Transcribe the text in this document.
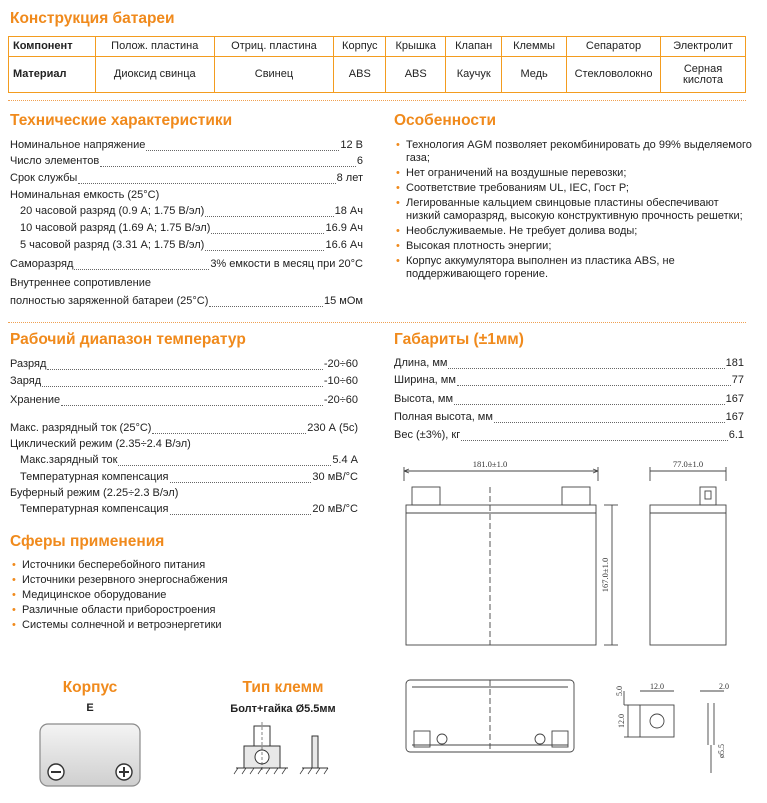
Конструкция батареи
Компонент	Полож. пластина	Отриц. пластина	Корпус	Крышка	Клапан	Клеммы	Сепаратор	Электролит
Материал	Диоксид свинца	Свинец	ABS	ABS	Каучук	Медь	Стекловолокно	Серная кислота
Технические характеристики
Номинальное напряжение	12 В
Число элементов	6
Срок службы	8 лет
Номинальная емкость (25°С)
20 часовой разряд (0.9 А; 1.75 В/эл)	18 Ач
10 часовой разряд (1.69 А; 1.75 В/эл)	16.9 Ач
5 часовой разряд (3.31 А; 1.75 В/эл)	16.6 Ач
Саморазряд	3% емкости в месяц при 20°С
Внутреннее сопротивление
полностью заряженной батареи (25°С)	15 мОм
Особенности
• Технология AGM позволяет рекомбинировать до 99% выделяемого газа;
• Нет ограничений на воздушные перевозки;
• Соответствие требованиям UL, IEC, Гост Р;
• Легированные кальцием свинцовые пластины обеспечивают низкий саморазряд, высокую конструктивную прочность решетки;
• Необслуживаемые. Не требует долива воды;
• Высокая плотность энергии;
• Корпус аккумулятора выполнен из пластика ABS, не поддерживающего горение.
Рабочий диапазон температур
Разряд	-20÷60
Заряд	-10÷60
Хранение	-20÷60
Макс. разрядный ток (25°С)	230 А (5с)
Циклический режим (2.35÷2.4 В/эл)
Макс.зарядный ток	5.4 А
Температурная компенсация	30 мВ/°С
Буферный режим (2.25÷2.3 В/эл)
Температурная компенсация	20 мВ/°С
Габариты (±1мм)
Длина, мм	181
Ширина, мм	77
Высота, мм	167
Полная высота, мм	167
Вес (±3%), кг	6.1
Сферы применения
• Источники бесперебойного питания
• Источники резервного энергоснабжения
• Медицинское оборудование
• Различные области приборостроения
• Системы солнечной и ветроэнергетики
Корпус
E
Тип клемм
Болт+гайка Ø5.5мм
181.0±1.0	77.0±1.0
167.0±1.0
12.0
5.0
12.0
2.0
ø5.5
